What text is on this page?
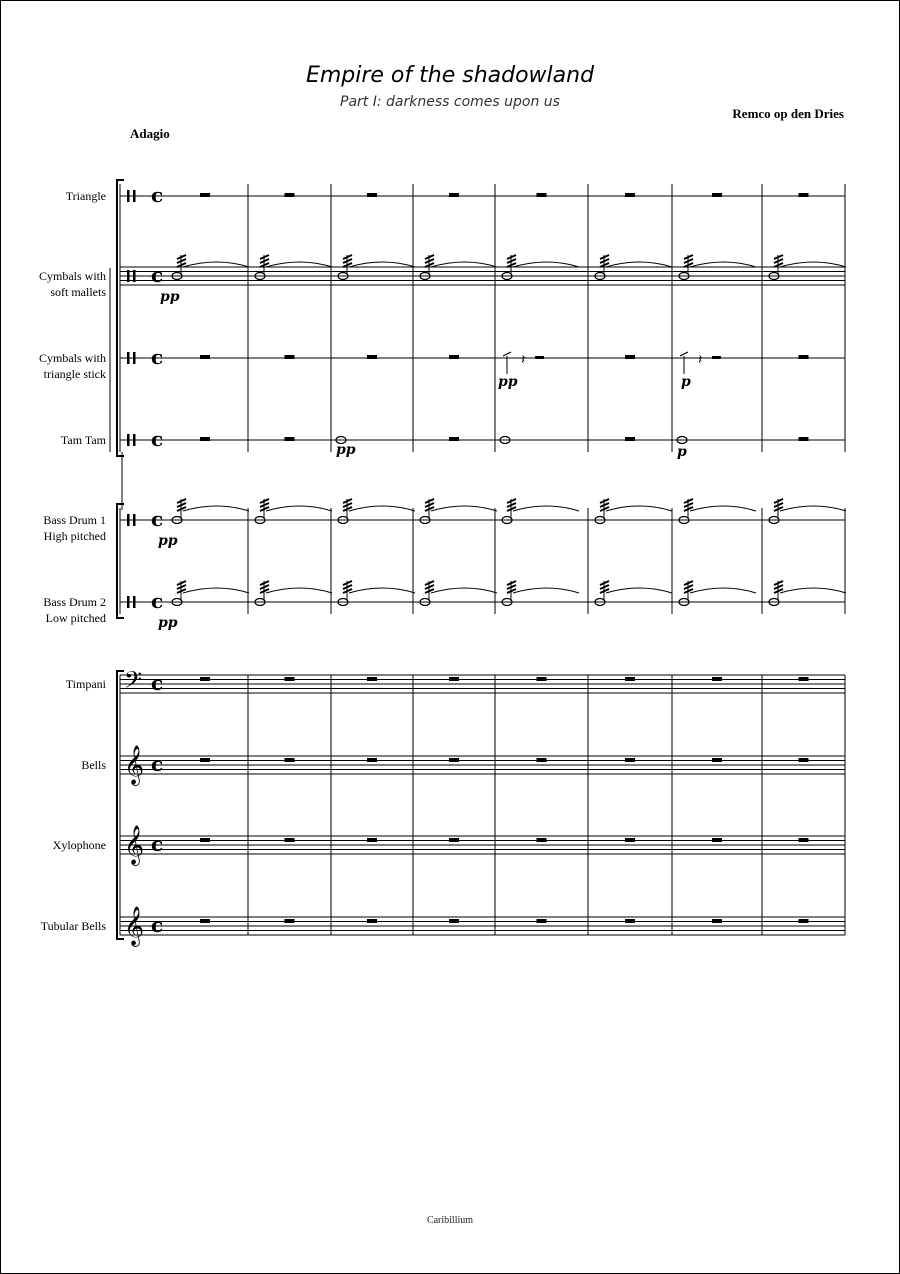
Empire of the shadowland
Part I: darkness comes upon us
Remco op den Dries
Adagio
Triangle
Cymbals with
soft mallets
Cymbals with
triangle stick
Tam Tam
Bass Drum 1
High pitched
Bass Drum 2
Low pitched
Timpani
Bells
Xylophone
Tubular Bells
c
c
c
c
c
c
𝄢 c
𝄞 c
𝄞 c
𝄞 c
𝄽	𝄽
pp
pp
pp
pp	p
pp	p
Caribillium
